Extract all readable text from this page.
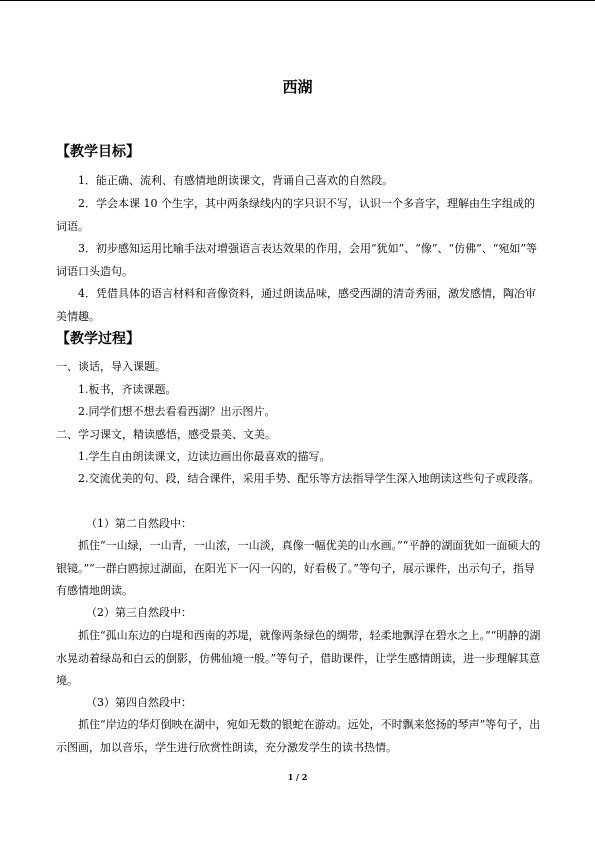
西湖
【教学目标】

1．能正确、流利、有感情地朗读课文，背诵自己喜欢的自然段。

2．学会本课 10 个生字，其中两条绿线内的字只识不写，认识一个多音字，理解由生字组成的词语。

3．初步感知运用比喻手法对增强语言表达效果的作用，会用“犹如”、“像”、“仿佛”、“宛如”等词语口头造句。

4．凭借具体的语言材料和音像资料，通过朗读品味，感受西湖的清奇秀丽，激发感情，陶冶审美情趣。

【教学过程】

一、谈话，导入课题。

1.板书，齐读课题。

2.同学们想不想去看看西湖？出示图片。

二、学习课文，精读感悟，感受景美、文美。

1.学生自由朗读课文，边读边画出你最喜欢的描写。

2.交流优美的句、段，结合课件，采用手势、配乐等方法指导学生深入地朗读这些句子或段落。

（1）第二自然段中：

抓住“一山绿，一山青，一山浓，一山淡，真像一幅优美的山水画。”“平静的湖面犹如一面硕大的银镜。”“一群白鸥掠过湖面，在阳光下一闪一闪的，好看极了。”等句子，展示课件，出示句子，指导有感情地朗读。

（2）第三自然段中：

抓住“孤山东边的白堤和西南的苏堤，就像两条绿色的绸带，轻柔地飘浮在碧水之上。”“明静的湖水晃动着绿岛和白云的倒影，仿佛仙境一般。”等句子，借助课件，让学生感情朗读，进一步理解其意境。

（3）第四自然段中：

抓住“岸边的华灯倒映在湖中，宛如无数的银蛇在游动。远处，不时飘来悠扬的琴声”等句子，出示图画，加以音乐，学生进行欣赏性朗读，充分激发学生的读书热情。

1 / 2
